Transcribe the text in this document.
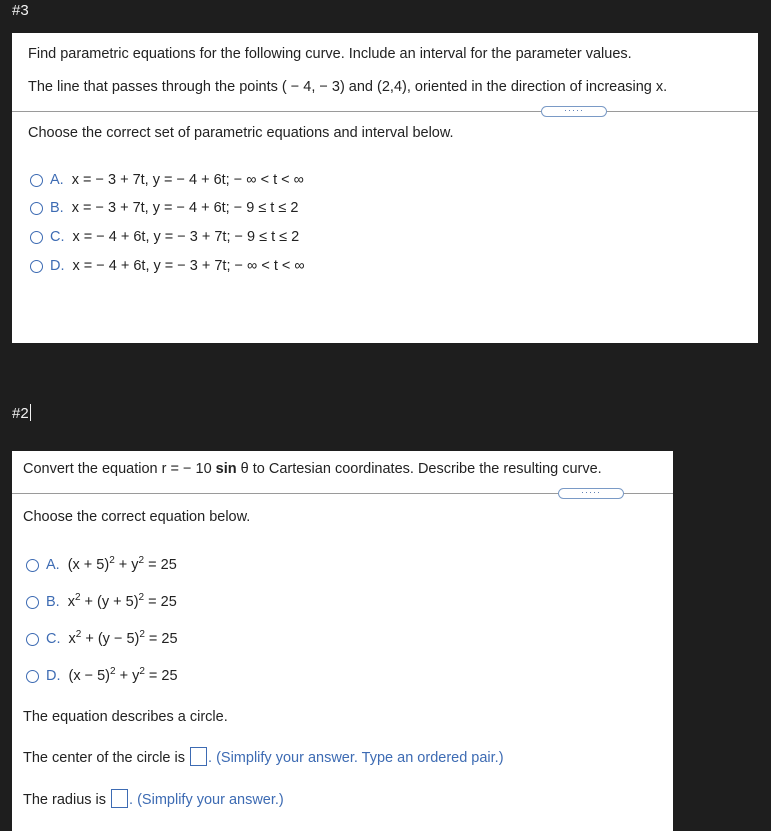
#3
Find parametric equations for the following curve. Include an interval for the parameter values.
The line that passes through the points ( − 4, − 3) and (2,4), oriented in the direction of increasing x.
·····
Choose the correct set of parametric equations and interval below.
A. x = − 3 + 7t, y = − 4 + 6t; − ∞ < t < ∞
B. x = − 3 + 7t, y = − 4 + 6t; − 9 ≤ t ≤ 2
C. x = − 4 + 6t, y = − 3 + 7t; − 9 ≤ t ≤ 2
D. x = − 4 + 6t, y = − 3 + 7t; − ∞ < t < ∞
#2
Convert the equation r = − 10 sin θ to Cartesian coordinates. Describe the resulting curve.
·····
Choose the correct equation below.
A. $(x + 5)^2 + y^2 = 25$
B. $x^2 + (y + 5)^2 = 25$
C. $x^2 + (y - 5)^2 = 25$
D. $(x - 5)^2 + y^2 = 25$
The equation describes a circle.
The center of the circle is . (Simplify your answer. Type an ordered pair.)
The radius is . (Simplify your answer.)
